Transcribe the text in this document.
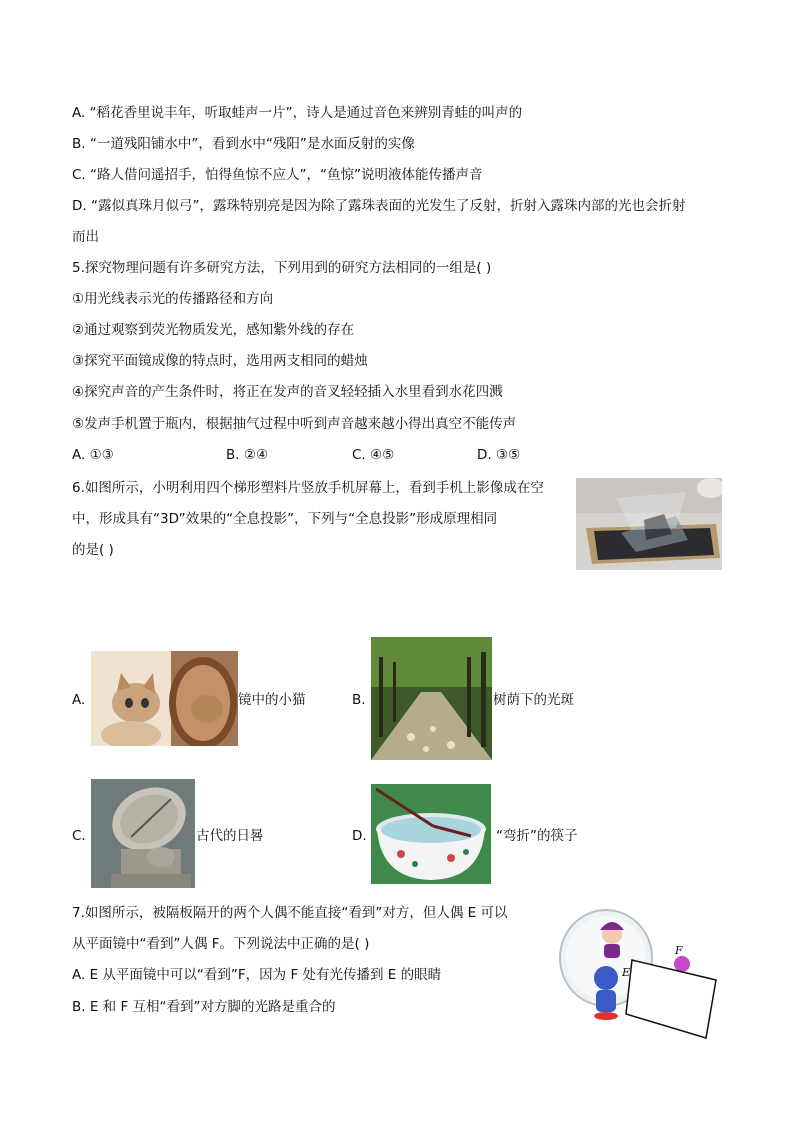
A. “稻花香里说丰年，听取蛙声一片”，诗人是通过音色来辨别青蛙的叫声的
B. “一道残阳铺水中”，看到水中“残阳”是水面反射的实像
C. “路人借问遥招手，怕得鱼惊不应人”，“鱼惊”说明液体能传播声音
D. “露似真珠月似弓”，露珠特别亮是因为除了露珠表面的光发生了反射，折射入露珠内部的光也会折射
而出
5.探究物理问题有许多研究方法，下列用到的研究方法相同的一组是( )
①用光线表示光的传播路径和方向
②通过观察到荧光物质发光，感知紫外线的存在
③探究平面镜成像的特点时，选用两支相同的蜡烛
④探究声音的产生条件时，将正在发声的音叉轻轻插入水里看到水花四溅
⑤发声手机置于瓶内，根据抽气过程中听到声音越来越小得出真空不能传声
A. ①③	B. ②④	C. ④⑤	D. ③⑤
6.如图所示，小明利用四个梯形塑料片竖放手机屏幕上，看到手机上影像成在空
中，形成具有“3D”效果的“全息投影”，下列与“全息投影”形成原理相同
的是( )
A.	镜中的小猫	B.	树荫下的光斑
C.	古代的日晷	D.	“弯折”的筷子
7.如图所示，被隔板隔开的两个人偶不能直接“看到”对方，但人偶 E 可以
从平面镜中“看到”人偶 F。下列说法中正确的是( )
A. E 从平面镜中可以“看到”F，因为 F 处有光传播到 E 的眼睛
B. E 和 F 互相“看到”对方脚的光路是重合的
F
E
